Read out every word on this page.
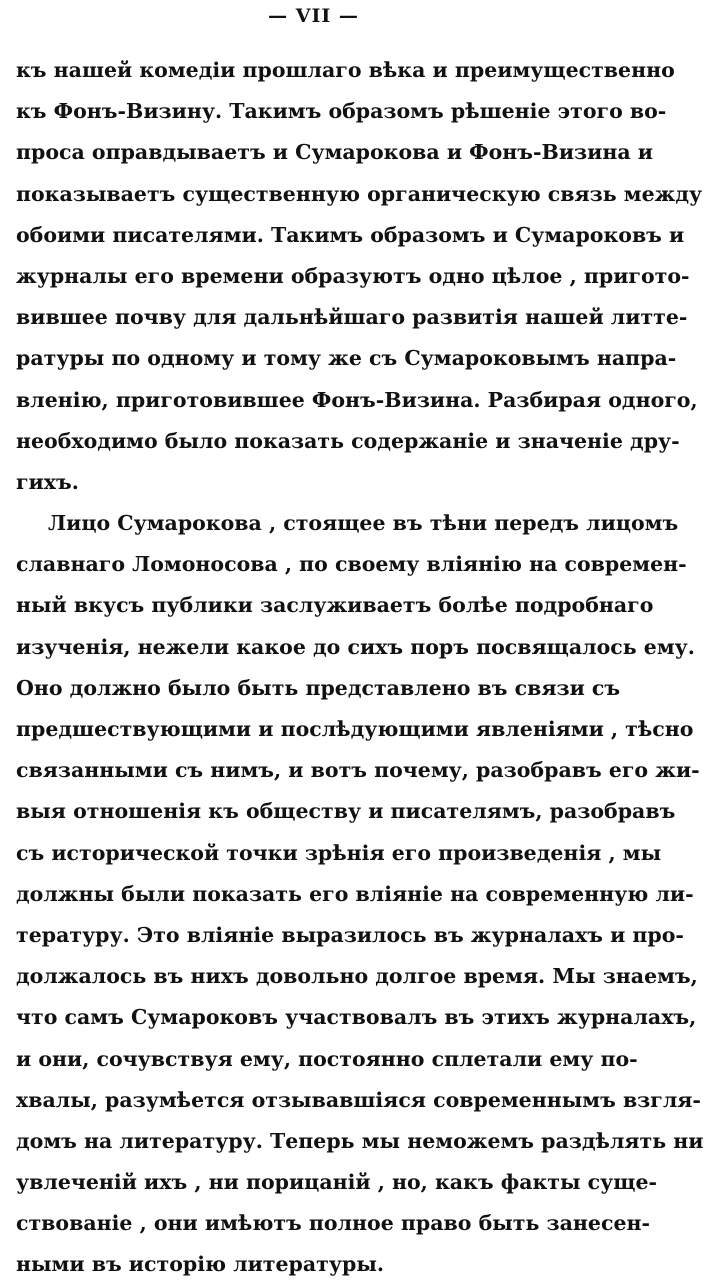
— VII —
къ нашей комедiи прошлаго вѣка и преимущественно
къ Фонъ-Визину. Такимъ образомъ рѣшенiе этого во-
проса оправдываетъ и Сумарокова и Фонъ-Визина и
показываетъ существенную органическую связь между
обоими писателями. Такимъ образомъ и Сумароковъ и
журналы его времени образуютъ одно цѣлое , пригото-
вившее почву для дальнѣйшаго развитiя нашей литте-
ратуры по одному и тому же съ Сумароковымъ напра-
вленiю, приготовившее Фонъ-Визина. Разбирая одного,
необходимо было показать содержанiе и значенiе дру-
гихъ.
Лицо Сумарокова , стоящее въ тѣни передъ лицомъ
славнаго Ломоносова , по своему влiянiю на современ-
ный вкусъ публики заслуживаетъ болѣе подробнаго
изученiя, нежели какое до сихъ поръ посвящалось ему.
Оно должно было быть представлено въ связи съ
предшествующими и послѣдующими явленiями , тѣсно
связанными съ нимъ, и вотъ почему, разобравъ его жи-
выя отношенiя къ обществу и писателямъ, разобравъ
съ исторической точки зрѣнiя его произведенiя , мы
должны были показать его влiянiе на современную ли-
тературу. Это влiянiе выразилось въ журналахъ и про-
должалось въ нихъ довольно долгое время. Мы знаемъ,
что самъ Сумароковъ участвовалъ въ этихъ журналахъ,
и они, сочувствуя ему, постоянно сплетали ему по-
хвалы, разумѣется отзывавшiяся современнымъ взгля-
домъ на литературу. Теперь мы неможемъ раздѣлять ни
увлеченiй ихъ , ни порицанiй , но, какъ факты суще-
ствованiе , они имѣютъ полное право быть занесен-
ными въ исторiю литературы.
